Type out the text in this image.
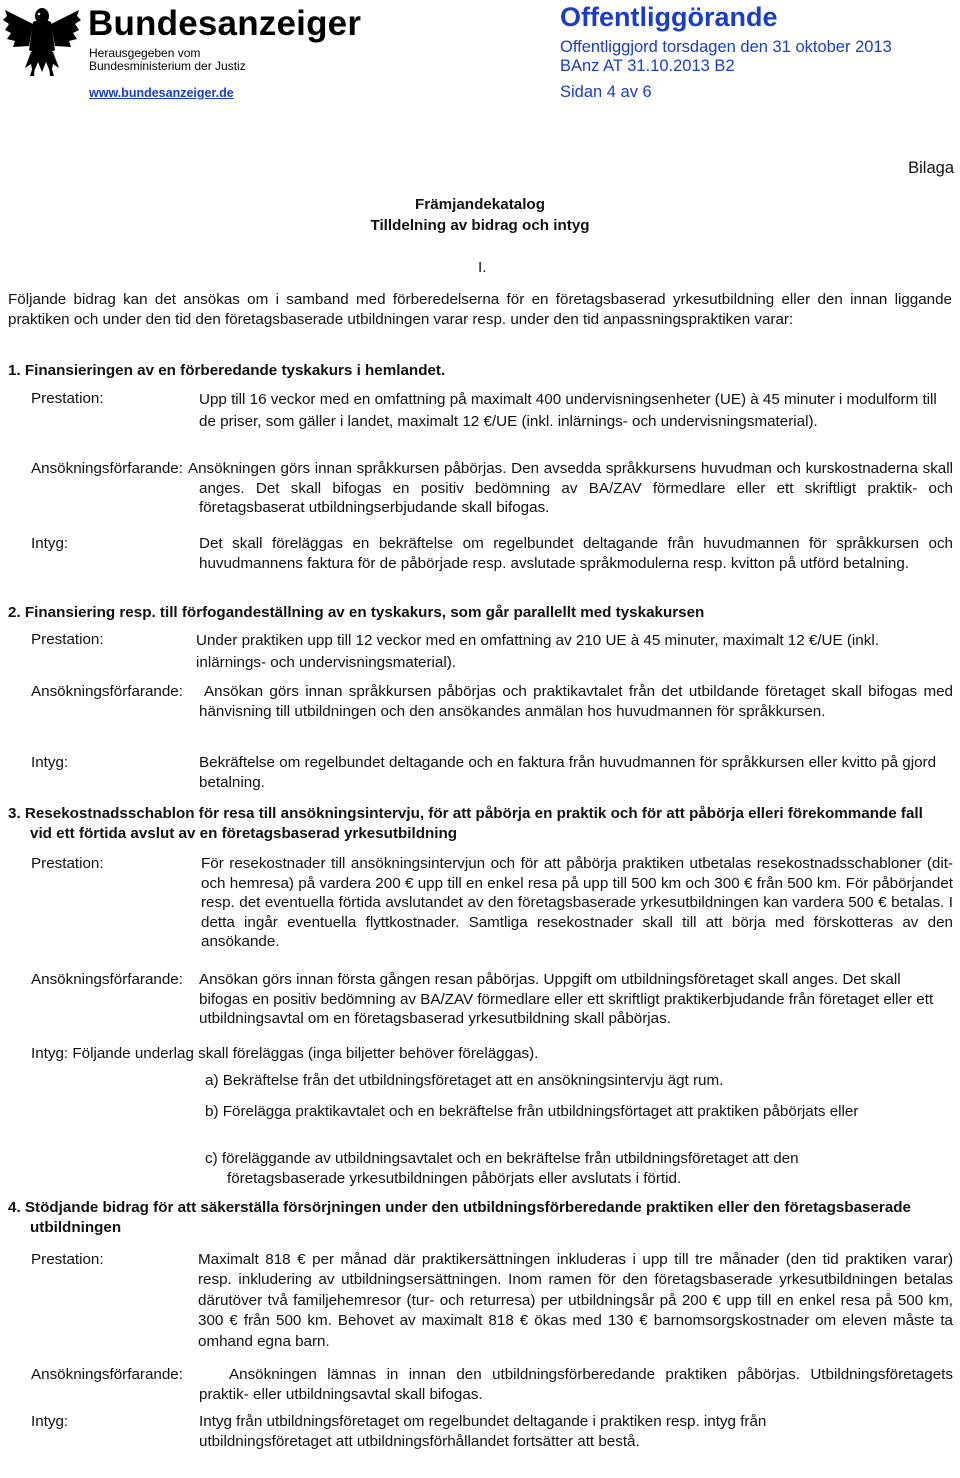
Bundesanzeiger
Herausgegeben vom
Bundesministerium der Justiz
www.bundesanzeiger.de
Offentliggörande
Offentliggjord torsdagen den 31 oktober 2013
BAnz AT 31.10.2013 B2
Sidan 4 av 6
Bilaga
Främjandekatalog
Tilldelning av bidrag och intyg
I.
Följande bidrag kan det ansökas om i samband med förberedelserna för en företagsbaserad yrkesutbildning eller den innan liggande praktiken och under den tid den företagsbaserade utbildningen varar resp. under den tid anpassningspraktiken varar:
1. Finansieringen av en förberedande tyskakurs i hemlandet.
Prestation:	Upp till 16 veckor med en omfattning på maximalt 400 undervisningsenheter (UE) à 45 minuter i modulform till de priser, som gäller i landet, maximalt 12 €/UE (inkl. inlärnings- och undervisningsmaterial).
Ansökningsförfarande: Ansökningen görs innan språkkursen påbörjas. Den avsedda språkkursens huvudman och kurskostnaderna skall anges. Det skall bifogas en positiv bedömning av BA/ZAV förmedlare eller ett skriftligt praktik- och företagsbaserat utbildningserbjudande skall bifogas.
Intyg:	Det skall föreläggas en bekräftelse om regelbundet deltagande från huvudmannen för språkkursen och huvudmannens faktura för de påbörjade resp. avslutade språkmodulerna resp. kvitton på utförd betalning.
2. Finansiering resp. till förfogandeställning av en tyskakurs, som går parallellt med tyskakursen
Prestation:	Under praktiken upp till 12 veckor med en omfattning av 210 UE à 45 minuter, maximalt 12 €/UE (inkl. inlärnings- och undervisningsmaterial).
Ansökningsförfarande:	Ansökan görs innan språkkursen påbörjas och praktikavtalet från det utbildande företaget skall bifogas med hänvisning till utbildningen och den ansökandes anmälan hos huvudmannen för språkkursen.
Intyg:	Bekräftelse om regelbundet deltagande och en faktura från huvudmannen för språkkursen eller kvitto på gjord betalning.
3. Resekostnadsschablon för resa till ansökningsintervju, för att påbörja en praktik och för att påbörja elleri förekommande fall vid ett förtida avslut av en företagsbaserad yrkesutbildning
Prestation:	För resekostnader till ansökningsintervjun och för att påbörja praktiken utbetalas resekostnadsschabloner (dit- och hemresa) på vardera 200 € upp till en enkel resa på upp till 500 km och 300 € från 500 km. För påbörjandet resp. det eventuella förtida avslutandet av den företagsbaserade yrkesutbildningen kan vardera 500 € betalas. I detta ingår eventuella flyttkostnader. Samtliga resekostnader skall till att börja med förskotteras av den ansökande.
Ansökningsförfarande: Ansökan görs innan första gången resan påbörjas. Uppgift om utbildningsföretaget skall anges. Det skall bifogas en positiv bedömning av BA/ZAV förmedlare eller ett skriftligt praktikerbjudande från företaget eller ett utbildningsavtal om en företagsbaserad yrkesutbildning skall påbörjas.
Intyg: Följande underlag skall föreläggas (inga biljetter behöver föreläggas).
a) Bekräftelse från det utbildningsföretaget att en ansökningsintervju ägt rum.
b) Förelägga praktikavtalet och en bekräftelse från utbildningsförtaget att praktiken påbörjats eller
c) föreläggande av utbildningsavtalet och en bekräftelse från utbildningsföretaget att den företagsbaserade yrkesutbildningen påbörjats eller avslutats i förtid.
4. Stödjande bidrag för att säkerställa försörjningen under den utbildningsförberedande praktiken eller den företagsbaserade utbildningen
Prestation:	Maximalt 818 € per månad där praktikersättningen inkluderas i upp till tre månader (den tid praktiken varar) resp. inkludering av utbildningsersättningen. Inom ramen för den företagsbaserade yrkesutbildningen betalas därutöver två familjehemresor (tur- och returresa) per utbildningsår på 200 € upp till en enkel resa på 500 km, 300 € från 500 km. Behovet av maximalt 818 € ökas med 130 € barnomsorgskostnader om eleven måste ta omhand egna barn.
Ansökningsförfarande:	Ansökningen lämnas in innan den utbildningsförberedande praktiken påbörjas. Utbildningsföretagets praktik- eller utbildningsavtal skall bifogas.
Intyg:	Intyg från utbildningsföretaget om regelbundet deltagande i praktiken resp. intyg från utbildningsföretaget att utbildningsförhållandet fortsätter att bestå.
